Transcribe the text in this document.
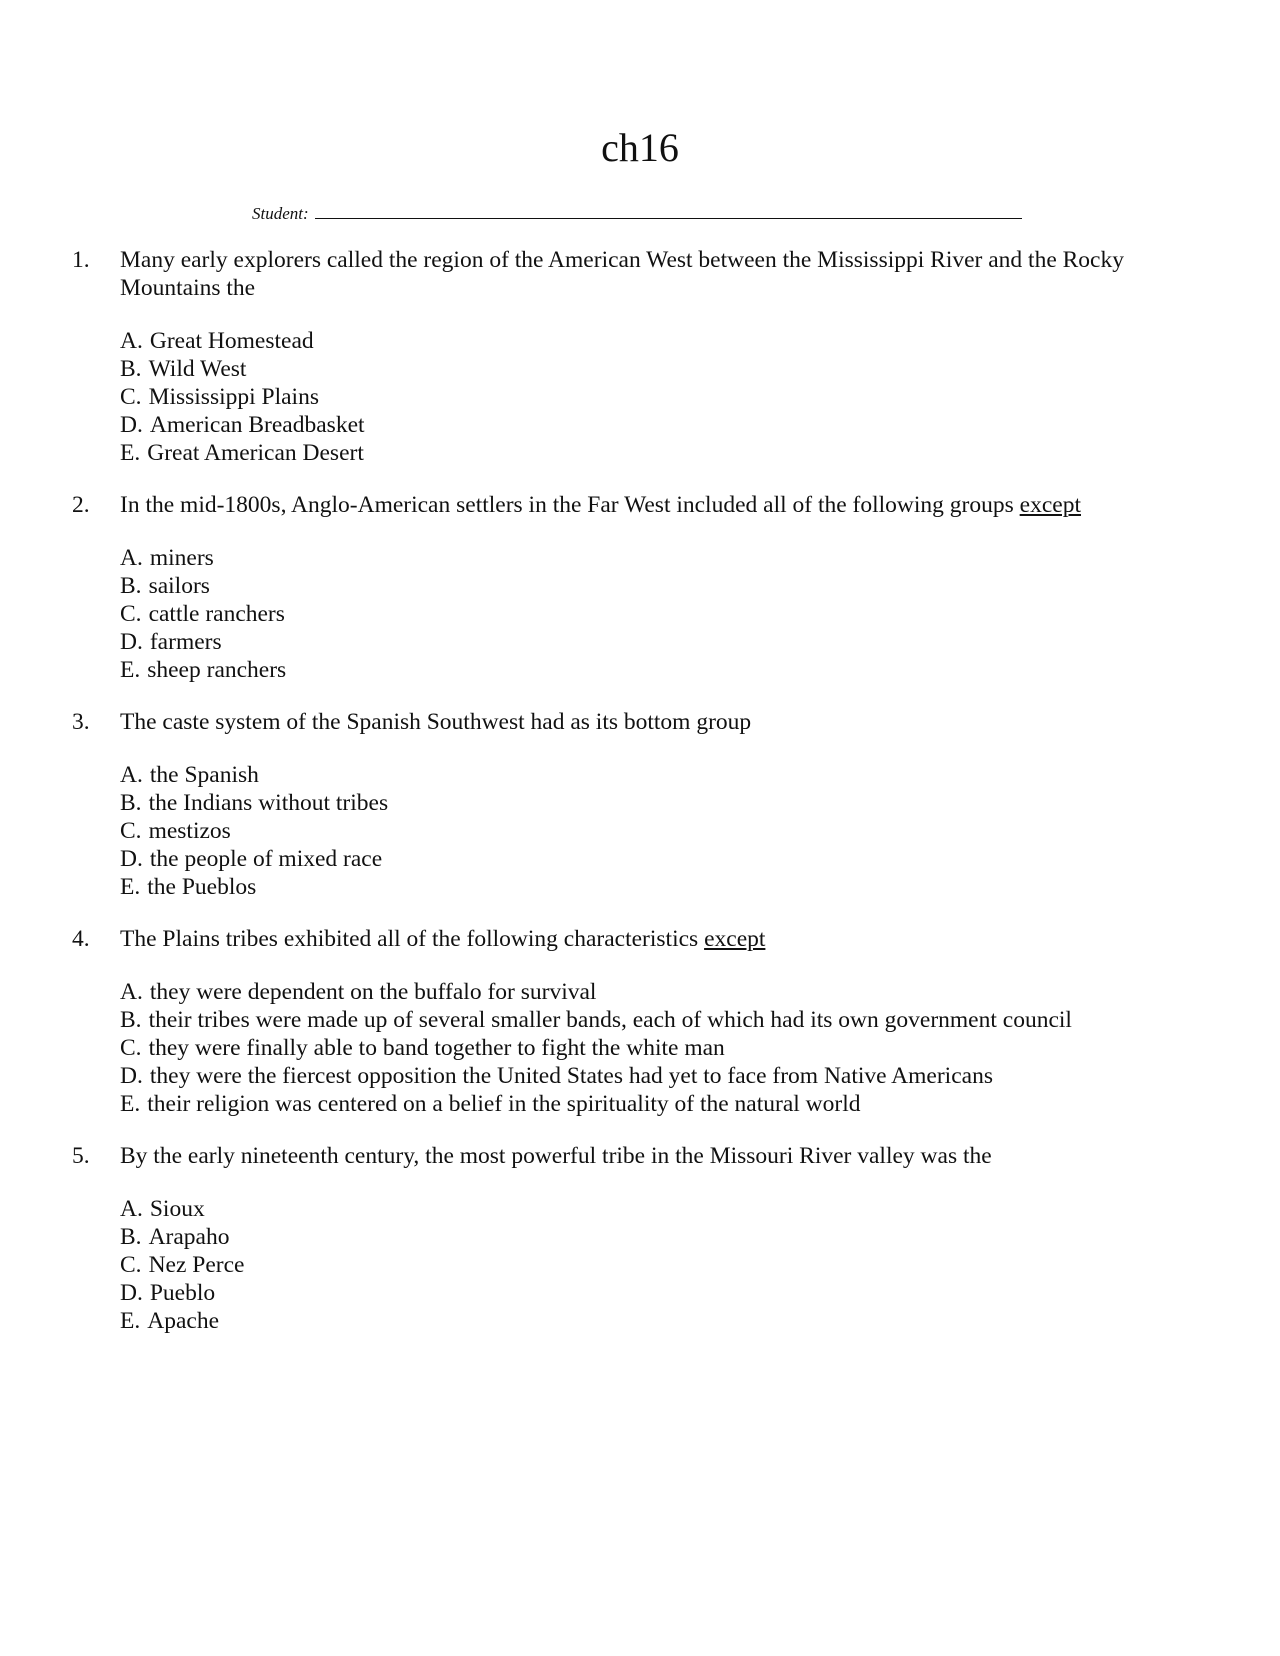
ch16
Student:
1.	Many early explorers called the region of the American West between the Mississippi River and the Rocky Mountains the
A. Great Homestead
B. Wild West
C. Mississippi Plains
D. American Breadbasket
E. Great American Desert
2.	In the mid-1800s, Anglo-American settlers in the Far West included all of the following groups except
A. miners
B. sailors
C. cattle ranchers
D. farmers
E. sheep ranchers
3.	The caste system of the Spanish Southwest had as its bottom group
A. the Spanish
B. the Indians without tribes
C. mestizos
D. the people of mixed race
E. the Pueblos
4.	The Plains tribes exhibited all of the following characteristics except
A. they were dependent on the buffalo for survival
B. their tribes were made up of several smaller bands, each of which had its own government council
C. they were finally able to band together to fight the white man
D. they were the fiercest opposition the United States had yet to face from Native Americans
E. their religion was centered on a belief in the spirituality of the natural world
5.	By the early nineteenth century, the most powerful tribe in the Missouri River valley was the
A. Sioux
B. Arapaho
C. Nez Perce
D. Pueblo
E. Apache
